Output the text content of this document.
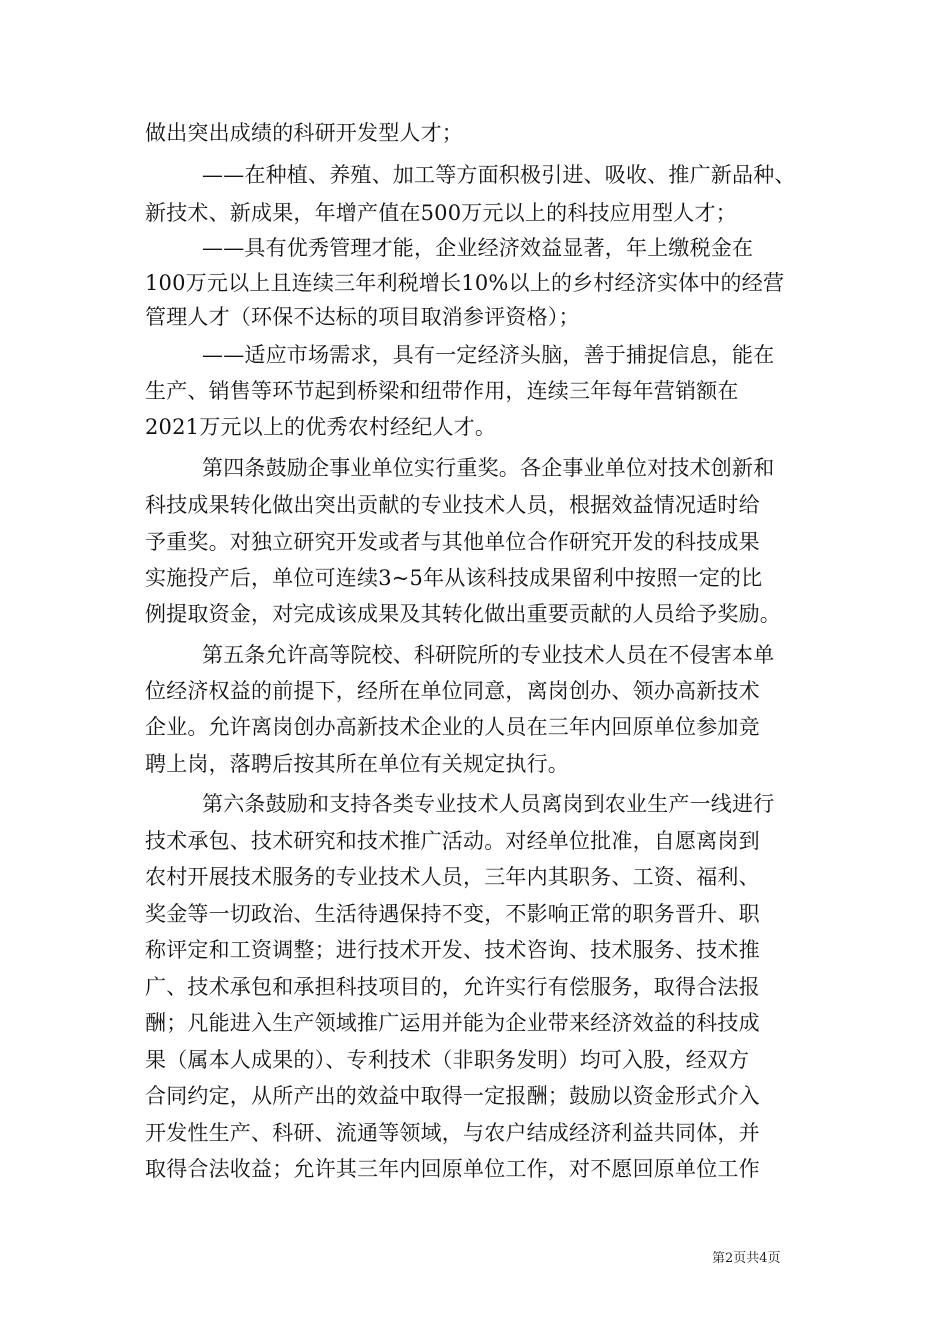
做出突出成绩的科研开发型人才；
——在种植、养殖、加工等方面积极引进、吸收、推广新品种、
新技术、新成果，年增产值在500万元以上的科技应用型人才；
——具有优秀管理才能，企业经济效益显著，年上缴税金在
100万元以上且连续三年利税增长10%以上的乡村经济实体中的经营
管理人才（环保不达标的项目取消参评资格）；
——适应市场需求，具有一定经济头脑，善于捕捉信息，能在
生产、销售等环节起到桥梁和纽带作用，连续三年每年营销额在
2021万元以上的优秀农村经纪人才。
第四条鼓励企事业单位实行重奖。各企事业单位对技术创新和
科技成果转化做出突出贡献的专业技术人员，根据效益情况适时给
予重奖。对独立研究开发或者与其他单位合作研究开发的科技成果
实施投产后，单位可连续3~5年从该科技成果留利中按照一定的比
例提取资金，对完成该成果及其转化做出重要贡献的人员给予奖励。
第五条允许高等院校、科研院所的专业技术人员在不侵害本单
位经济权益的前提下，经所在单位同意，离岗创办、领办高新技术
企业。允许离岗创办高新技术企业的人员在三年内回原单位参加竞
聘上岗，落聘后按其所在单位有关规定执行。
第六条鼓励和支持各类专业技术人员离岗到农业生产一线进行
技术承包、技术研究和技术推广活动。对经单位批准，自愿离岗到
农村开展技术服务的专业技术人员，三年内其职务、工资、福利、
奖金等一切政治、生活待遇保持不变，不影响正常的职务晋升、职
称评定和工资调整；进行技术开发、技术咨询、技术服务、技术推
广、技术承包和承担科技项目的，允许实行有偿服务，取得合法报
酬；凡能进入生产领域推广运用并能为企业带来经济效益的科技成
果（属本人成果的）、专利技术（非职务发明）均可入股，经双方
合同约定，从所产出的效益中取得一定报酬；鼓励以资金形式介入
开发性生产、科研、流通等领域，与农户结成经济利益共同体，并
取得合法收益；允许其三年内回原单位工作，对不愿回原单位工作
第2页共4页
